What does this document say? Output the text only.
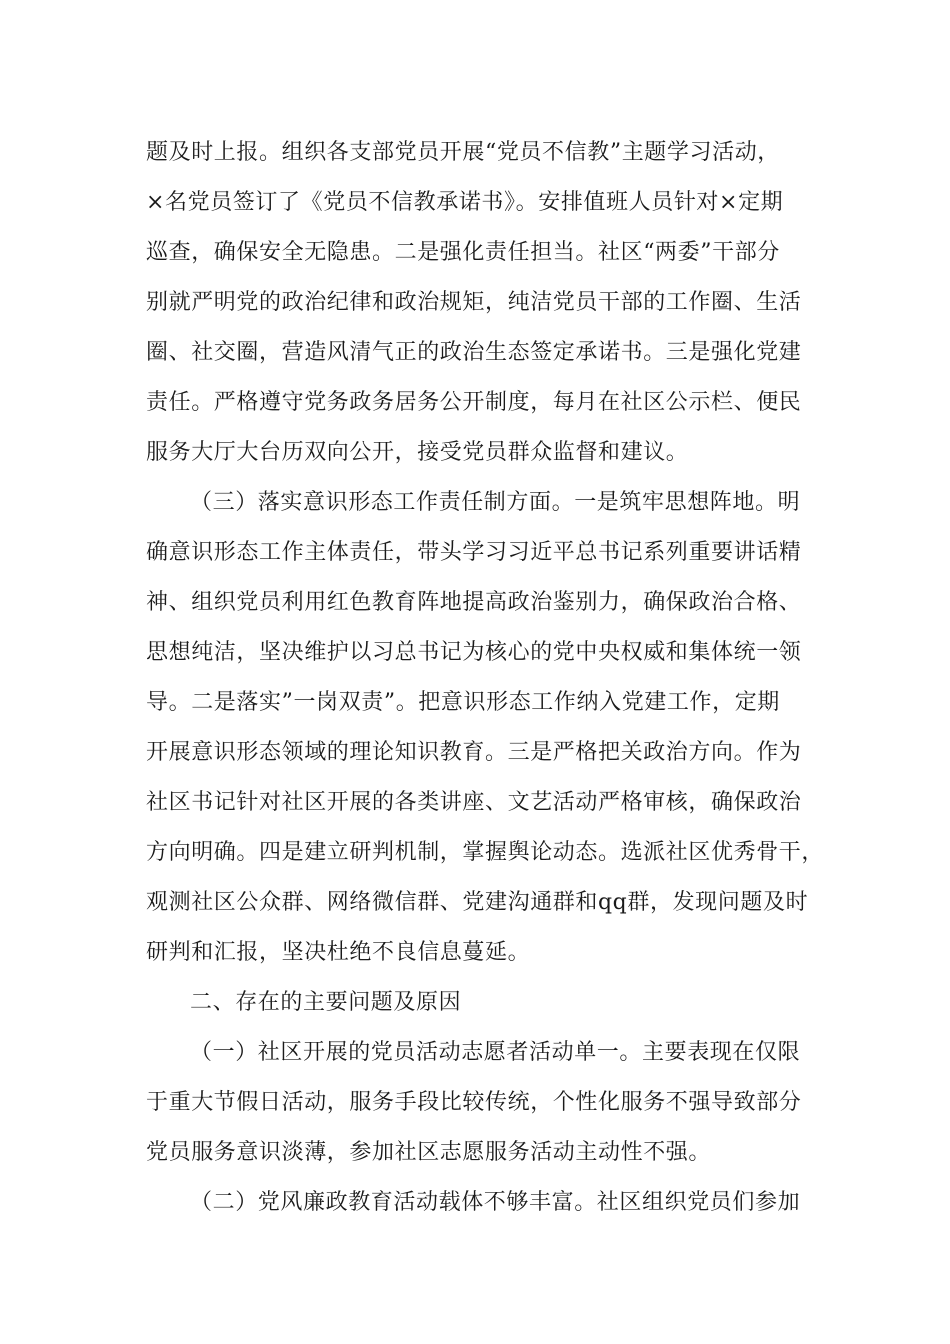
题及时上报。组织各支部党员开展“党员不信教”主题学习活动，
×名党员签订了《党员不信教承诺书》。安排值班人员针对×定期
巡查，确保安全无隐患。二是强化责任担当。社区“两委”干部分
别就严明党的政治纪律和政治规矩，纯洁党员干部的工作圈、生活
圈、社交圈，营造风清气正的政治生态签定承诺书。三是强化党建
责任。严格遵守党务政务居务公开制度，每月在社区公示栏、便民
服务大厅大台历双向公开，接受党员群众监督和建议。
（三）落实意识形态工作责任制方面。一是筑牢思想阵地。明
确意识形态工作主体责任，带头学习习近平总书记系列重要讲话精
神、组织党员利用红色教育阵地提高政治鉴别力，确保政治合格、
思想纯洁，坚决维护以习总书记为核心的党中央权威和集体统一领
导。二是落实”一岗双责”。把意识形态工作纳入党建工作，定期
开展意识形态领域的理论知识教育。三是严格把关政治方向。作为
社区书记针对社区开展的各类讲座、文艺活动严格审核，确保政治
方向明确。四是建立研判机制，掌握舆论动态。选派社区优秀骨干，
观测社区公众群、网络微信群、党建沟通群和qq群，发现问题及时
研判和汇报，坚决杜绝不良信息蔓延。
二、存在的主要问题及原因
（一）社区开展的党员活动志愿者活动单一。主要表现在仅限
于重大节假日活动，服务手段比较传统，个性化服务不强导致部分
党员服务意识淡薄，参加社区志愿服务活动主动性不强。
（二）党风廉政教育活动载体不够丰富。社区组织党员们参加
